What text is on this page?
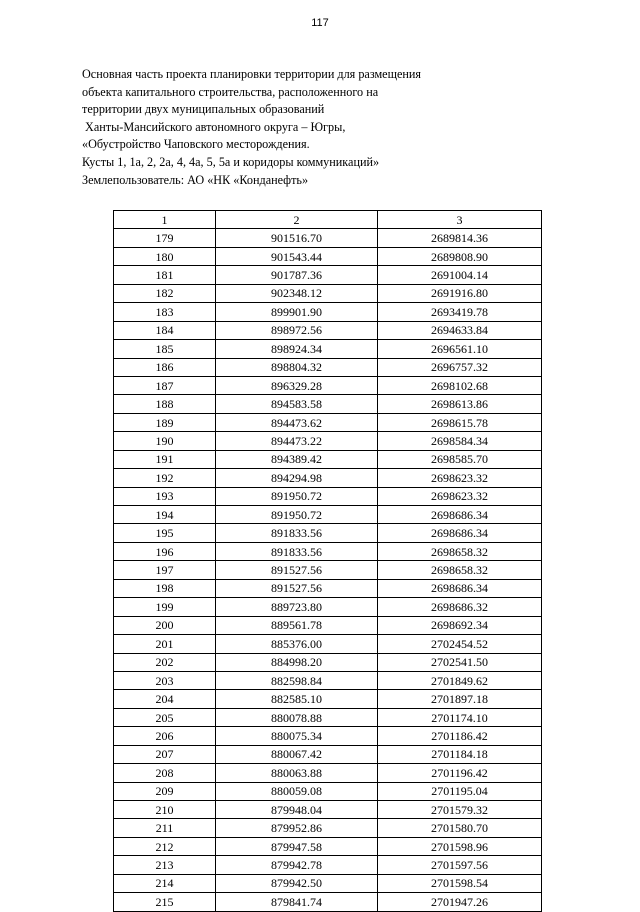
117
Основная часть проекта планировки территории для размещения
объекта капитального строительства, расположенного на
территории двух муниципальных образований
Ханты-Мансийского автономного округа – Югры,
«Обустройство Чаповского месторождения.
Кусты 1, 1а, 2, 2а, 4, 4а, 5, 5а и коридоры коммуникаций»
Землепользователь: АО «НК «Конданефть»
1	2	3
179	901516.70	2689814.36
180	901543.44	2689808.90
181	901787.36	2691004.14
182	902348.12	2691916.80
183	899901.90	2693419.78
184	898972.56	2694633.84
185	898924.34	2696561.10
186	898804.32	2696757.32
187	896329.28	2698102.68
188	894583.58	2698613.86
189	894473.62	2698615.78
190	894473.22	2698584.34
191	894389.42	2698585.70
192	894294.98	2698623.32
193	891950.72	2698623.32
194	891950.72	2698686.34
195	891833.56	2698686.34
196	891833.56	2698658.32
197	891527.56	2698658.32
198	891527.56	2698686.34
199	889723.80	2698686.32
200	889561.78	2698692.34
201	885376.00	2702454.52
202	884998.20	2702541.50
203	882598.84	2701849.62
204	882585.10	2701897.18
205	880078.88	2701174.10
206	880075.34	2701186.42
207	880067.42	2701184.18
208	880063.88	2701196.42
209	880059.08	2701195.04
210	879948.04	2701579.32
211	879952.86	2701580.70
212	879947.58	2701598.96
213	879942.78	2701597.56
214	879942.50	2701598.54
215	879841.74	2701947.26
